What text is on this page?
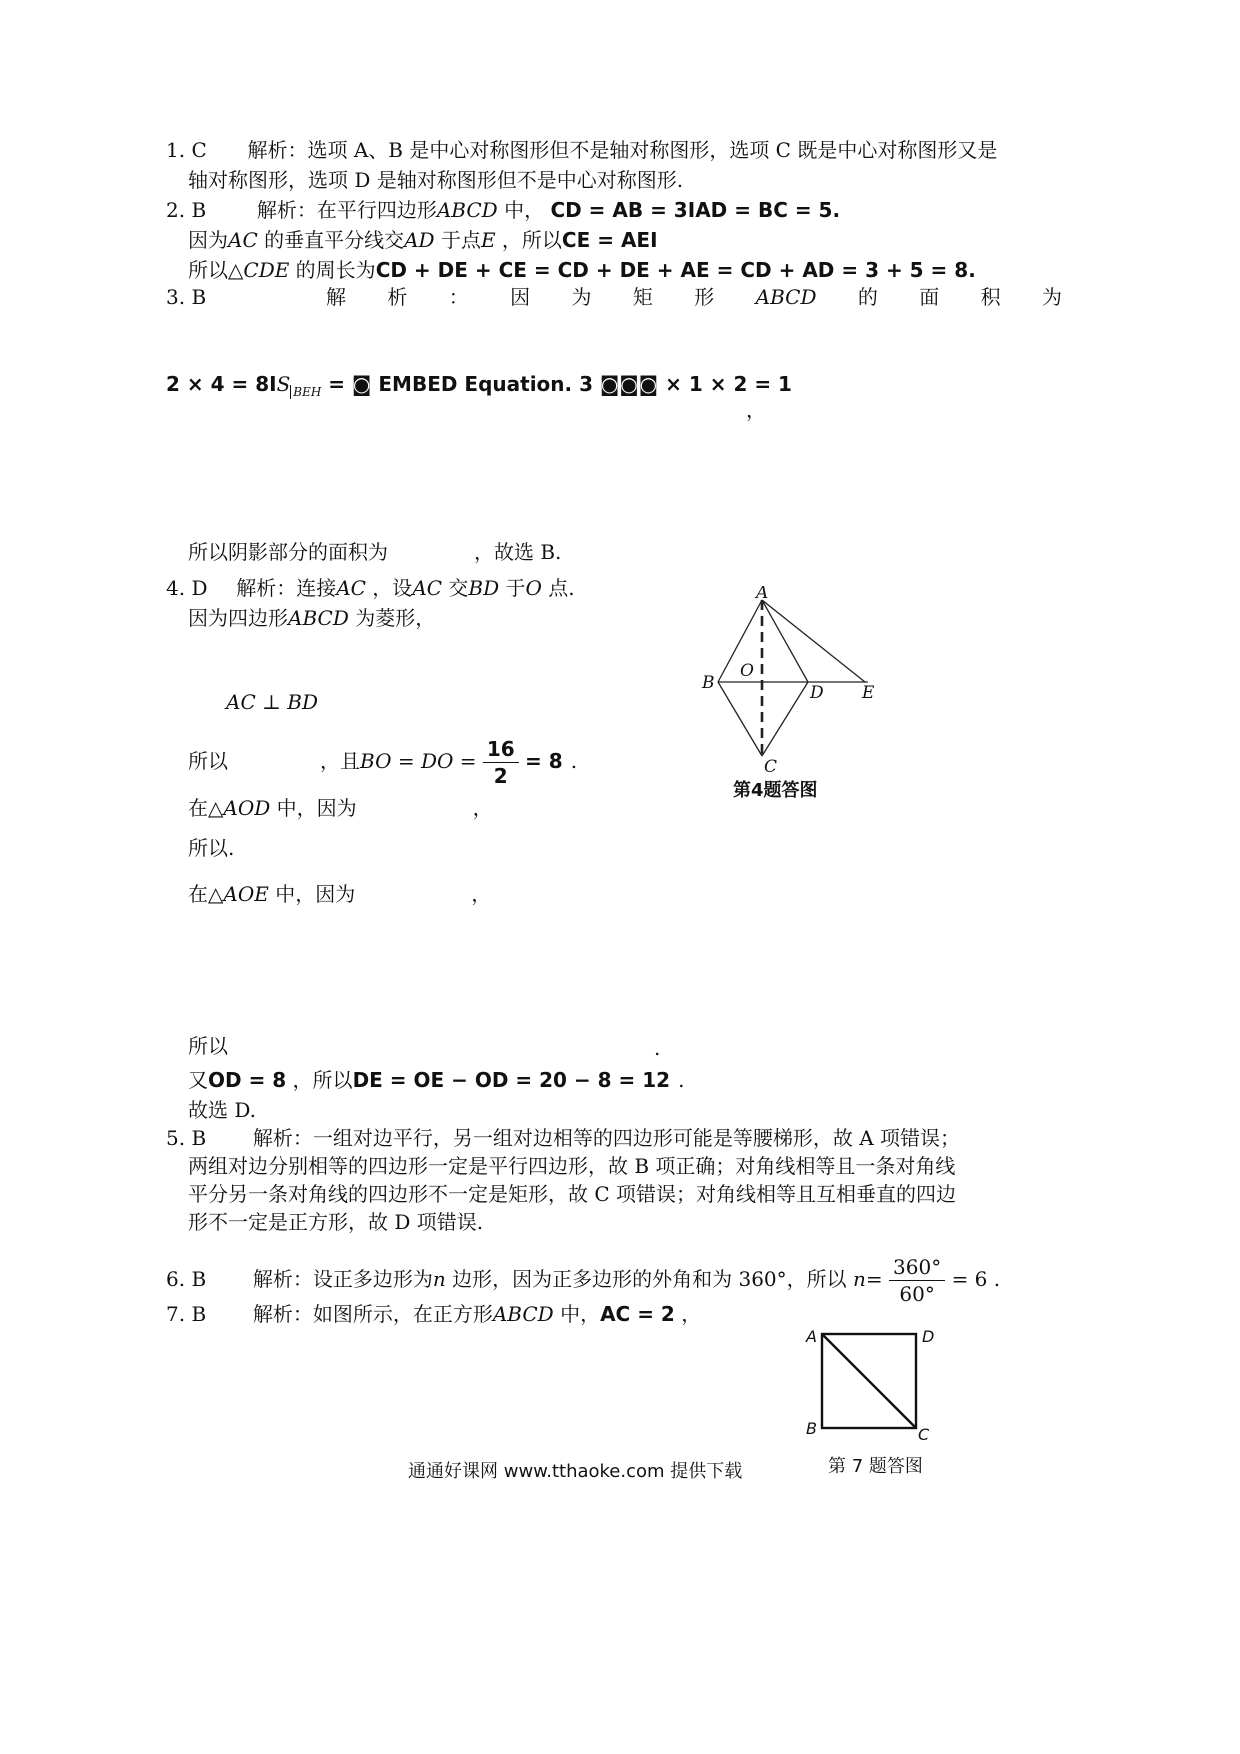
1. C 解析：选项 A、B 是中心对称图形但不是轴对称图形，选项 C 既是中心对称图形又是
轴对称图形，选项 D 是轴对称图形但不是中心对称图形.
2. B	解析：在平行四边形ABCD 中， CD = AB = 3IAD = BC = 5.
因为AC 的垂直平分线交AD 于点E ，所以CE = AEI
所以△CDE 的周长为CD + DE + CE = CD + DE + AE = CD + AD = 3 + 5 = 8.
3. B	解 析 ： 因 为 矩 形 ABCD 的 面 积 为
2 × 4 = 8IS $_{BEH}$ = ◙ EMBED Equation. 3 ◙◙◙ × 1 × 2 = 1
，
所以阴影部分的面积为	，故选 B.
4. D 解析：连接AC ，设AC 交BD 于O 点.
因为四边形ABCD 为菱形，
AC ⊥ BD
所以	，且BO = DO = $\frac{16}{2} = 8$ .
在△AOD 中，因为	，
所以.
在△AOE 中，因为	，
所以	.
又OD = 8 ，所以DE = OE − OD = 20 − 8 = 12 .
故选 D.
A
B
C
D E
O
第4题答图
5. B 解析：一组对边平行，另一组对边相等的四边形可能是等腰梯形，故 A 项错误；
两组对边分别相等的四边形一定是平行四边形，故 B 项正确；对角线相等且一条对角线
平分另一条对角线的四边形不一定是矩形，故 C 项错误；对角线相等且互相垂直的四边
形不一定是正方形，故 D 项错误.
6. B 解析：设正多边形为n 边形，因为正多边形的外角和为 360°，所以 $n= \frac{360^\circ}{60^\circ} = 6$ .
7. B 解析：如图所示，在正方形ABCD 中，AC = 2 ，
A	D
B	C
第 7 题答图
通通好课网 www.tthaoke.com 提供下载
